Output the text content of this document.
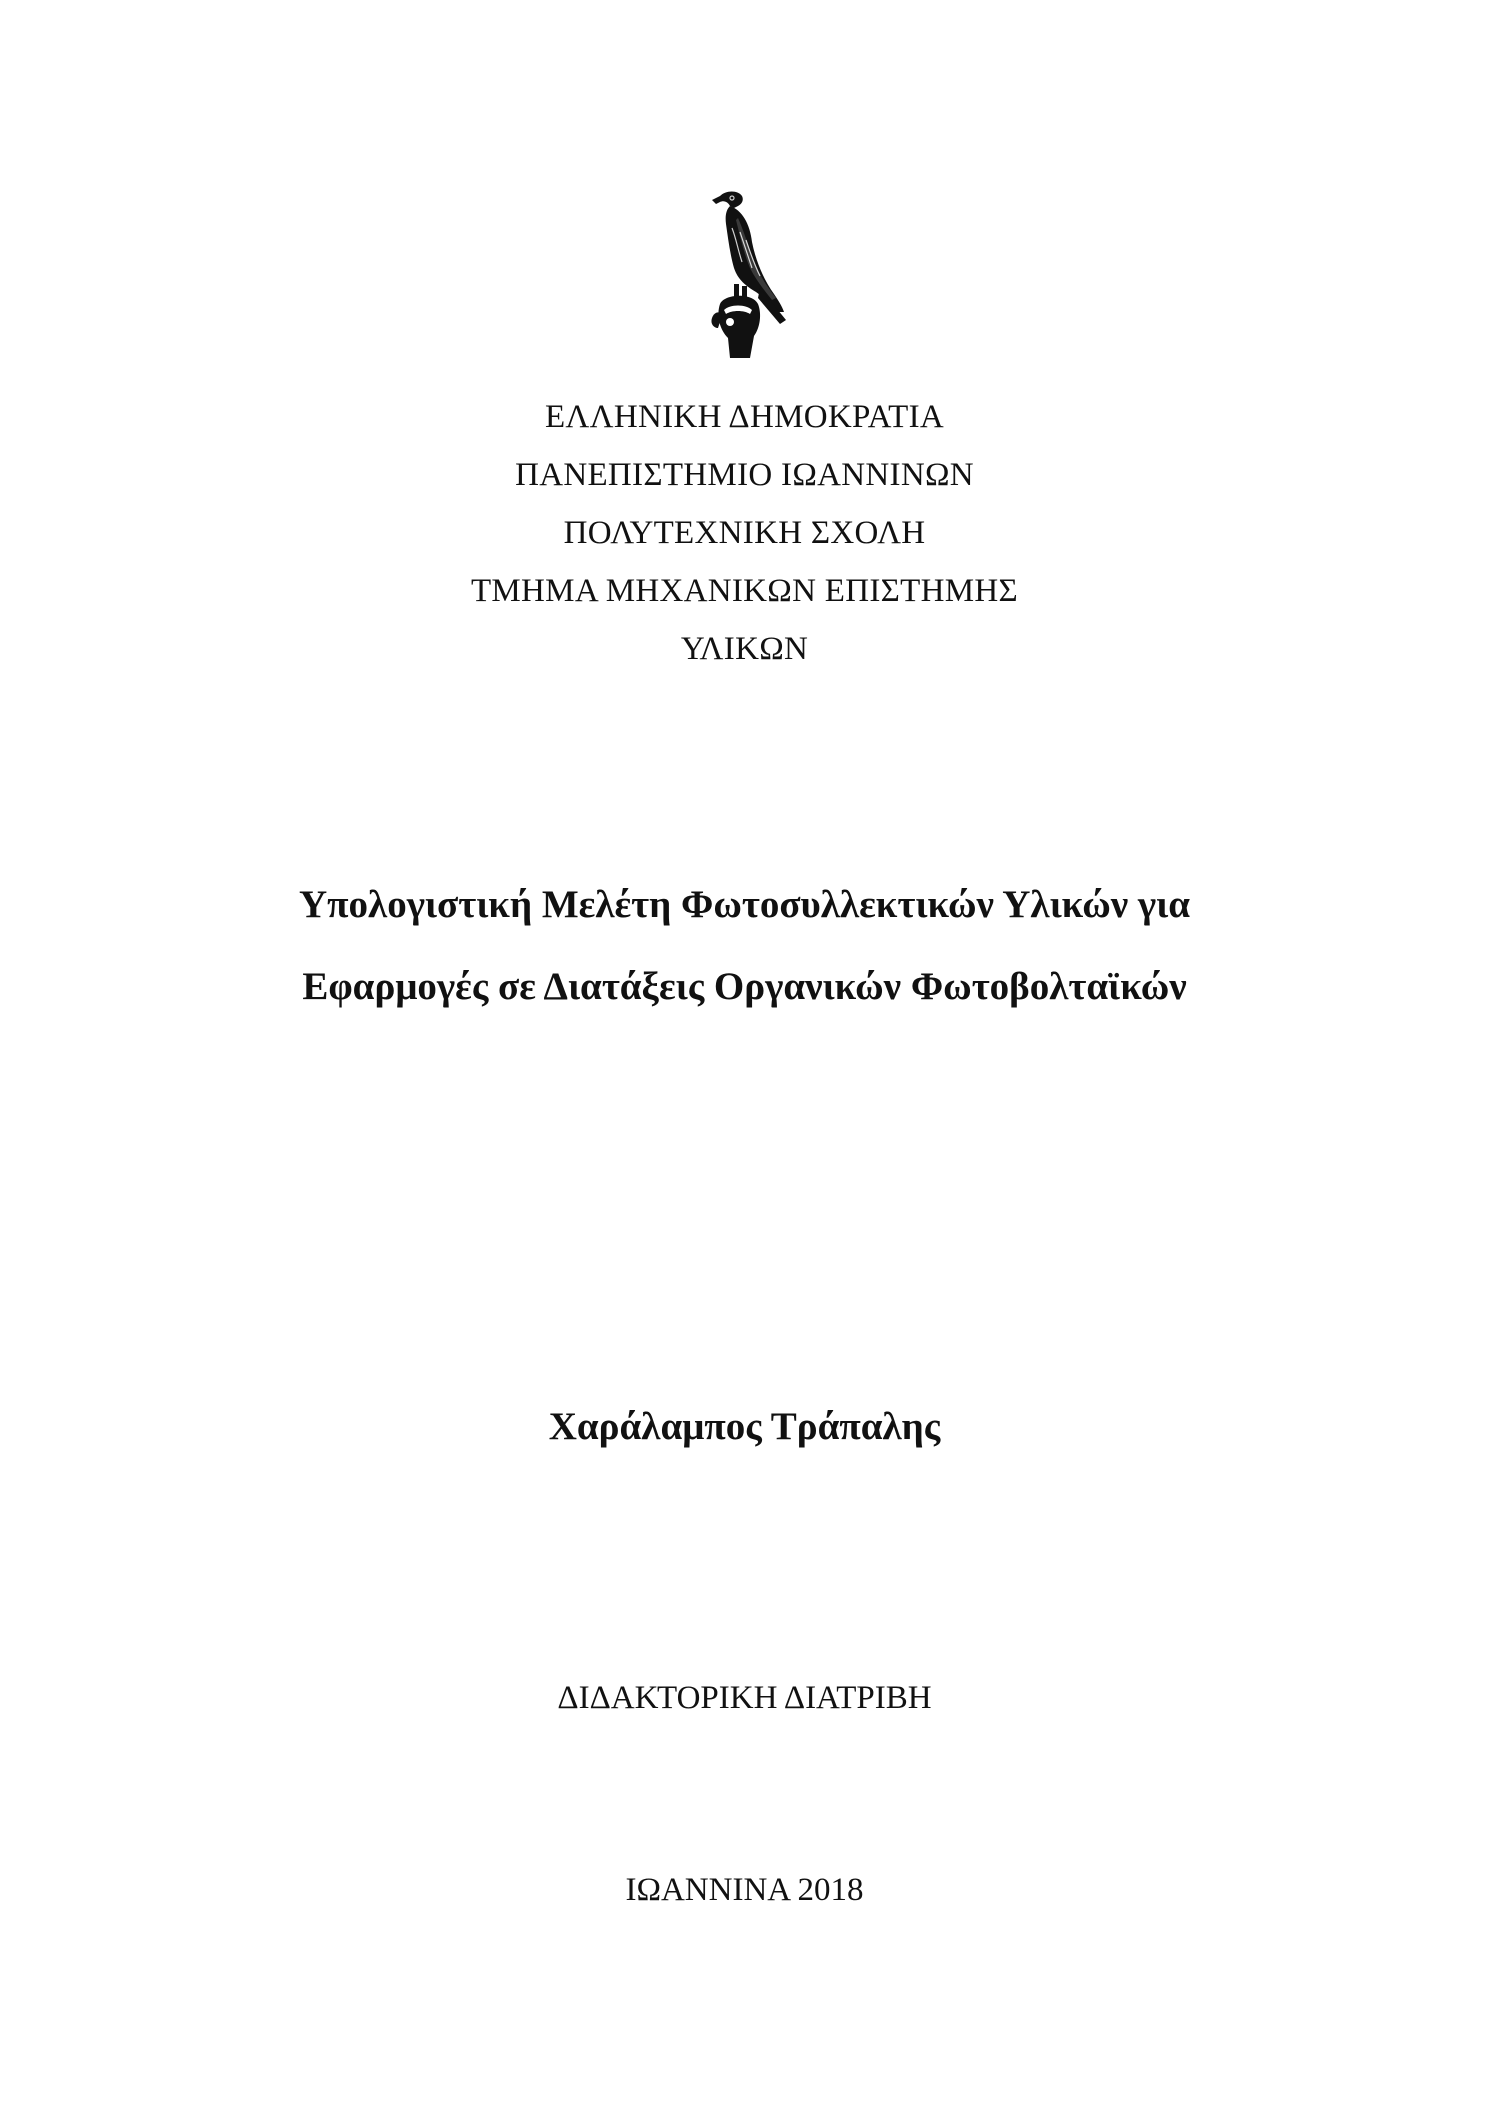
ΕΛΛΗΝΙΚΗ ΔΗΜΟΚΡΑΤΙΑ
ΠΑΝΕΠΙΣΤΗΜΙΟ ΙΩΑΝΝΙΝΩΝ
ΠΟΛΥΤΕΧΝΙΚΗ ΣΧΟΛΗ
ΤΜΗΜΑ ΜΗΧΑΝΙΚΩΝ ΕΠΙΣΤΗΜΗΣ
ΥΛΙΚΩΝ
Υπολογιστική Μελέτη Φωτοσυλλεκτικών Υλικών για
Εφαρμογές σε Διατάξεις Οργανικών Φωτοβολταϊκών
Χαράλαμπος Τράπαλης
ΔΙΔΑΚΤΟΡΙΚΗ ΔΙΑΤΡΙΒΗ
ΙΩΑΝΝΙΝΑ 2018
